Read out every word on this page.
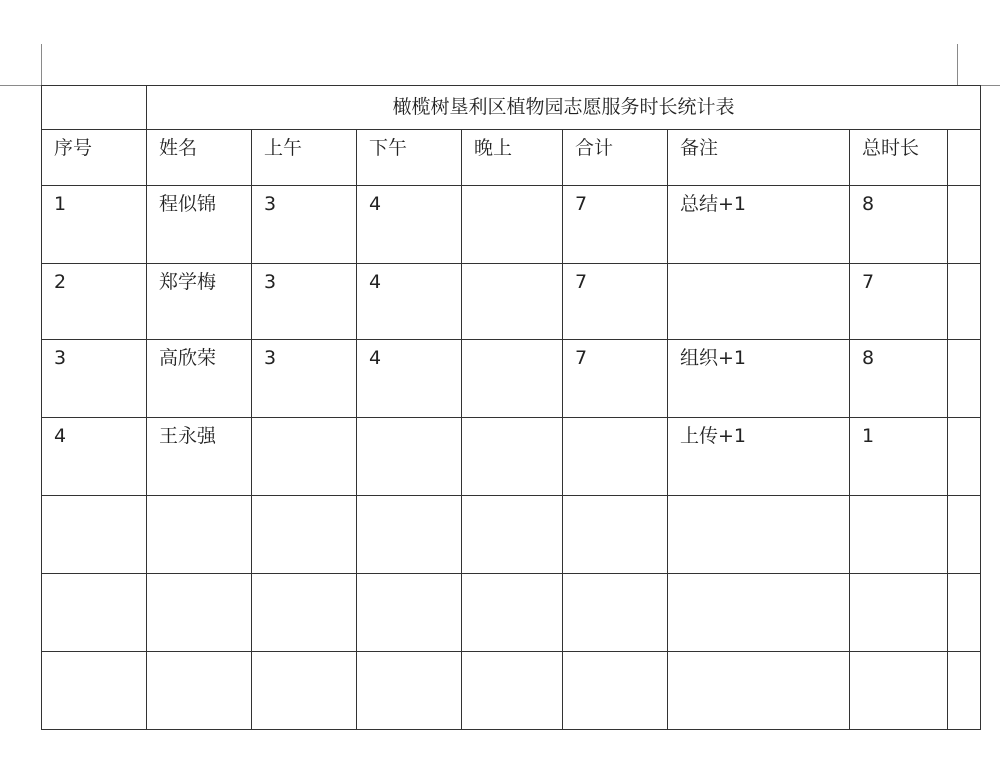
	橄榄树垦利区植物园志愿服务时长统计表							

序号	姓名	上午	下午	晚上	合计	备注	总时长	

1	程似锦	3	4		7	总结+1	8	

2	郑学梅	3	4		7		7	

3	高欣荣	3	4		7	组织+1	8	

4	王永强					上传+1	1	
